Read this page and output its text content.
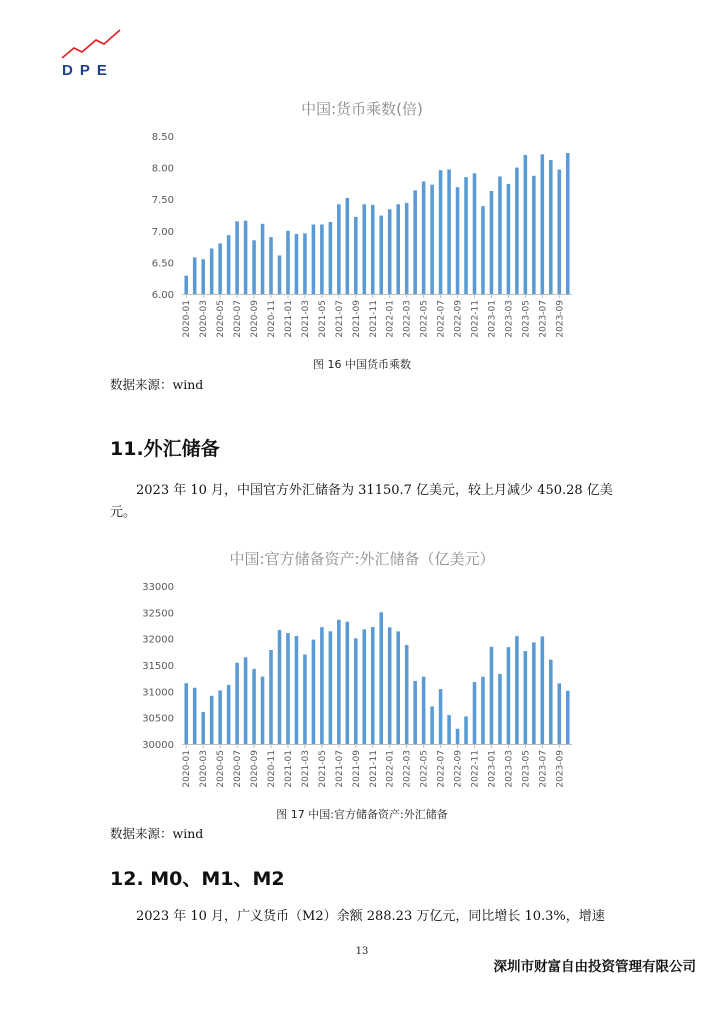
DPE
中国:货币乘数(倍)
6.00
6.50
7.00
7.50
8.00
8.50
2020-01 2020-03 2020-05 2020-07 2020-09 2020-11 2021-01 2021-03 2021-05 2021-07 2021-09 2021-11 2022-01 2022-03 2022-05 2022-07 2022-09 2022-11 2023-01 2023-03 2023-05 2023-07 2023-09
图 16 中国货币乘数
数据来源：wind
11.外汇储备
2023 年 10 月，中国官方外汇储备为 31150.7 亿美元，较上月减少 450.28 亿美元。
中国:官方储备资产:外汇储备（亿美元）
30000
30500
31000
31500
32000
32500
33000
2020-01 2020-03 2020-05 2020-07 2020-09 2020-11 2021-01 2021-03 2021-05 2021-07 2021-09 2021-11 2022-01 2022-03 2022-05 2022-07 2022-09 2022-11 2023-01 2023-03 2023-05 2023-07 2023-09
图 17 中国:官方储备资产:外汇储备
数据来源：wind
12. M0、M1、M2
2023 年 10 月，广义货币（M2）余额 288.23 万亿元，同比增长 10.3%，增速
13
深圳市财富自由投资管理有限公司
